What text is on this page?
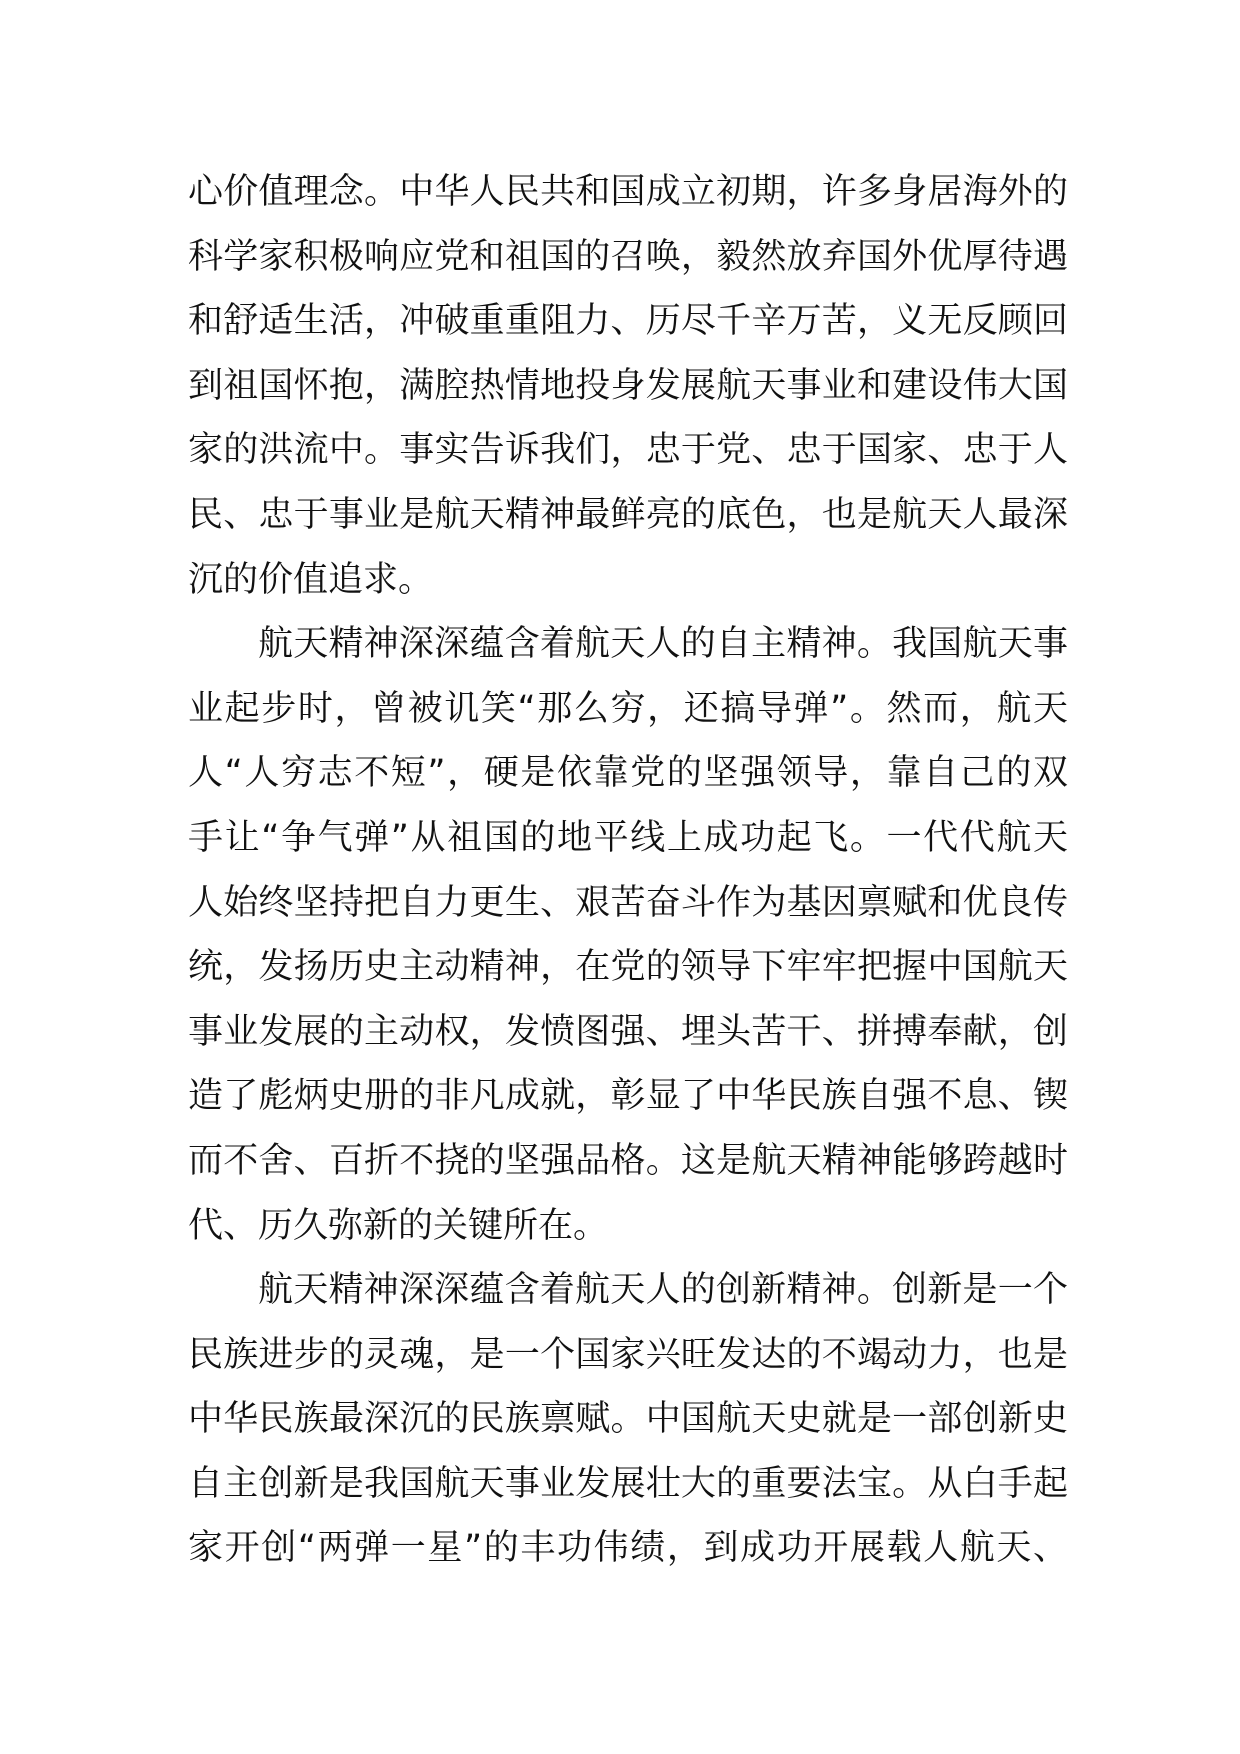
心价值理念。中华人民共和国成立初期，许多身居海外的
科学家积极响应党和祖国的召唤，毅然放弃国外优厚待遇
和舒适生活，冲破重重阻力、历尽千辛万苦，义无反顾回
到祖国怀抱，满腔热情地投身发展航天事业和建设伟大国
家的洪流中。事实告诉我们，忠于党、忠于国家、忠于人
民、忠于事业是航天精神最鲜亮的底色，也是航天人最深
沉的价值追求。
航天精神深深蕴含着航天人的自主精神。我国航天事
业起步时，曾被讥笑“那么穷，还搞导弹”。然而，航天
人“人穷志不短”，硬是依靠党的坚强领导，靠自己的双
手让“争气弹”从祖国的地平线上成功起飞。一代代航天
人始终坚持把自力更生、艰苦奋斗作为基因禀赋和优良传
统，发扬历史主动精神，在党的领导下牢牢把握中国航天
事业发展的主动权，发愤图强、埋头苦干、拼搏奉献，创
造了彪炳史册的非凡成就，彰显了中华民族自强不息、锲
而不舍、百折不挠的坚强品格。这是航天精神能够跨越时
代、历久弥新的关键所在。
航天精神深深蕴含着航天人的创新精神。创新是一个
民族进步的灵魂，是一个国家兴旺发达的不竭动力，也是
中华民族最深沉的民族禀赋。中国航天史就是一部创新史
自主创新是我国航天事业发展壮大的重要法宝。从白手起
家开创“两弹一星”的丰功伟绩，到成功开展载人航天、
